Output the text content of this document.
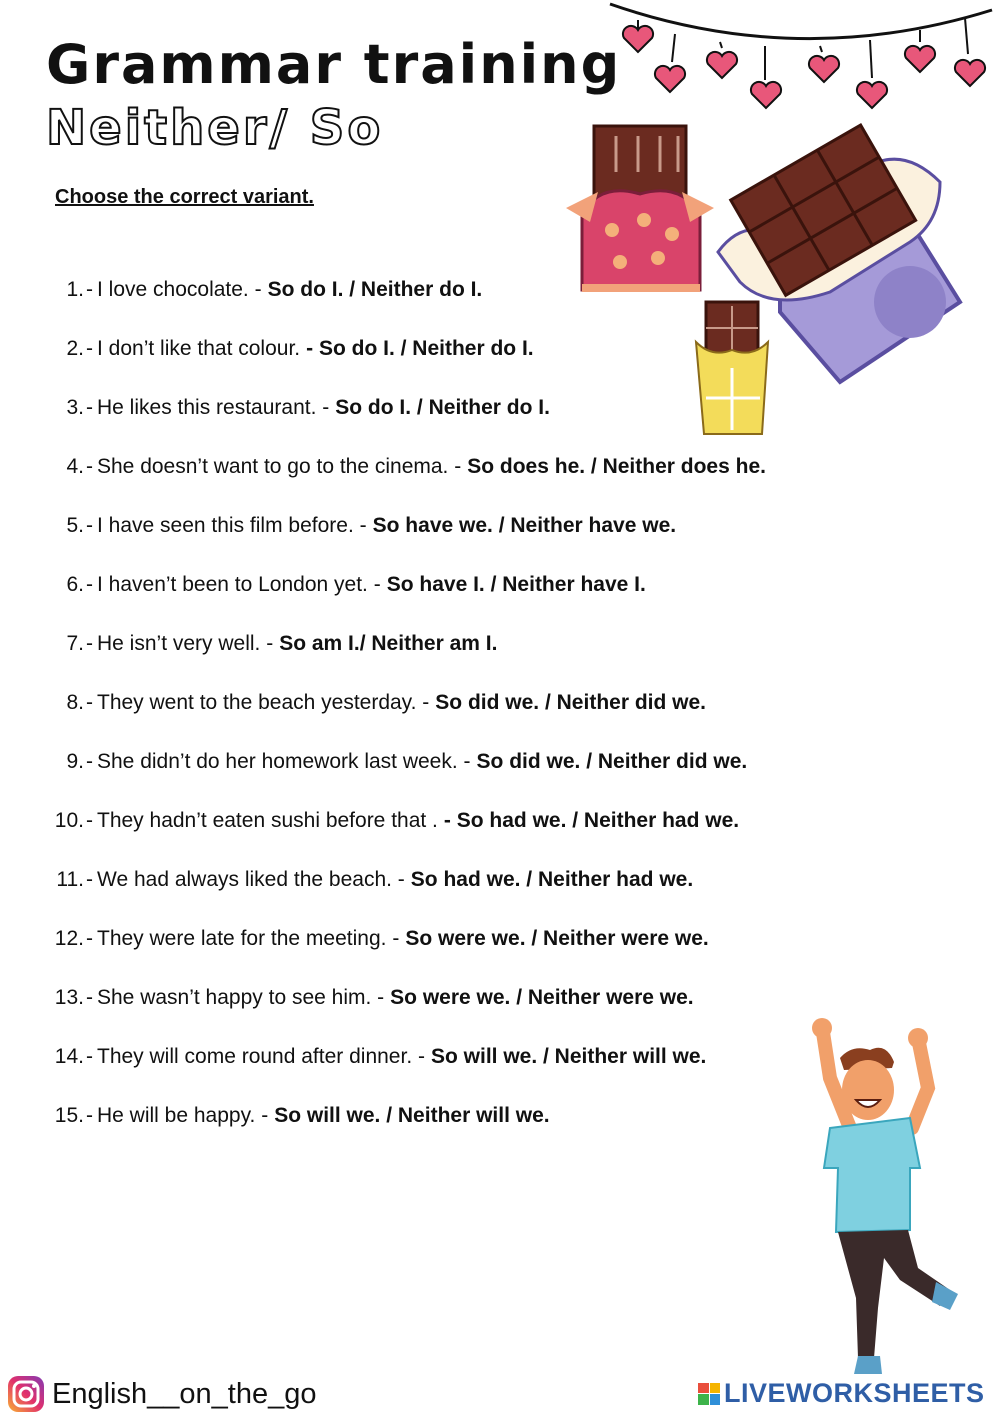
Grammar training
Neither/ So
Choose the correct variant.
1. - I love chocolate. - So do I. / Neither do I.
2. - I don’t like that colour. - So do I. / Neither do I.
3. - He likes this restaurant. - So do I. / Neither do I.
4. - She doesn’t want to go to the cinema. - So does he. / Neither does he.
5. - I have seen this film before. - So have we. / Neither have we.
6. - I haven’t been to London yet. - So have I. / Neither have I.
7. - He isn’t very well. - So am I./ Neither am I.
8. - They went to the beach yesterday. - So did we. / Neither did we.
9. - She didn’t do her homework last week. - So did we. / Neither did we.
10. - They hadn’t eaten sushi before that . - So had we. / Neither had we.
11. - We had always liked the beach. - So had we. / Neither had we.
12. - They were late for the meeting. - So were we. / Neither were we.
13. - She wasn’t happy to see him. - So were we. / Neither were we.
14. - They will come round after dinner. - So will we. / Neither will we.
15. - He will be happy. - So will we. / Neither will we.
English__on_the_go	LIVEWORKSHEETS
